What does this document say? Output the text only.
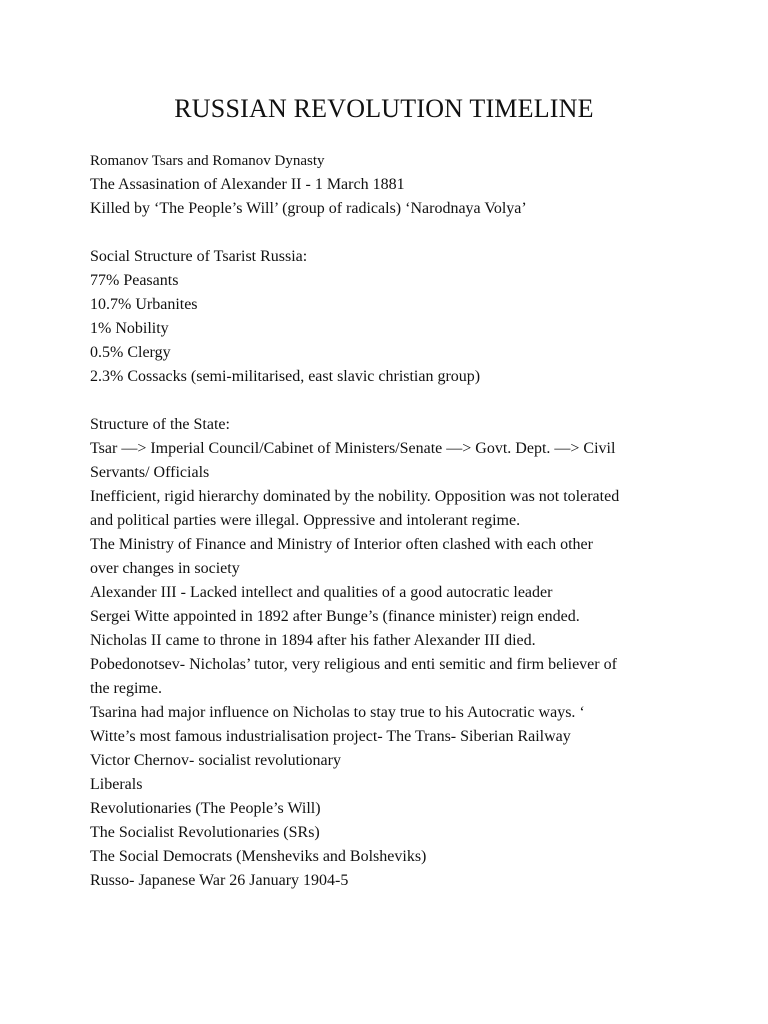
RUSSIAN REVOLUTION TIMELINE
Romanov Tsars and Romanov Dynasty
The Assasination of Alexander II - 1 March 1881
Killed by ‘The People’s Will’ (group of radicals) ‘Narodnaya Volya’
Social Structure of Tsarist Russia:
77% Peasants
10.7% Urbanites
1% Nobility
0.5% Clergy
2.3% Cossacks (semi-militarised, east slavic christian group)
Structure of the State:
Tsar —> Imperial Council/Cabinet of Ministers/Senate —> Govt. Dept. —> Civil
Servants/ Officials
Inefficient, rigid hierarchy dominated by the nobility. Opposition was not tolerated
and political parties were illegal. Oppressive and intolerant regime.
The Ministry of Finance and Ministry of Interior often clashed with each other
over changes in society
Alexander III - Lacked intellect and qualities of a good autocratic leader
Sergei Witte appointed in 1892 after Bunge’s (finance minister) reign ended.
Nicholas II came to throne in 1894 after his father Alexander III died.
Pobedonotsev- Nicholas’ tutor, very religious and enti semitic and firm believer of
the regime.
Tsarina had major influence on Nicholas to stay true to his Autocratic ways. ‘
Witte’s most famous industrialisation project- The Trans- Siberian Railway
Victor Chernov- socialist revolutionary
Liberals
Revolutionaries (The People’s Will)
The Socialist Revolutionaries (SRs)
The Social Democrats (Mensheviks and Bolsheviks)
Russo- Japanese War 26 January 1904-5
